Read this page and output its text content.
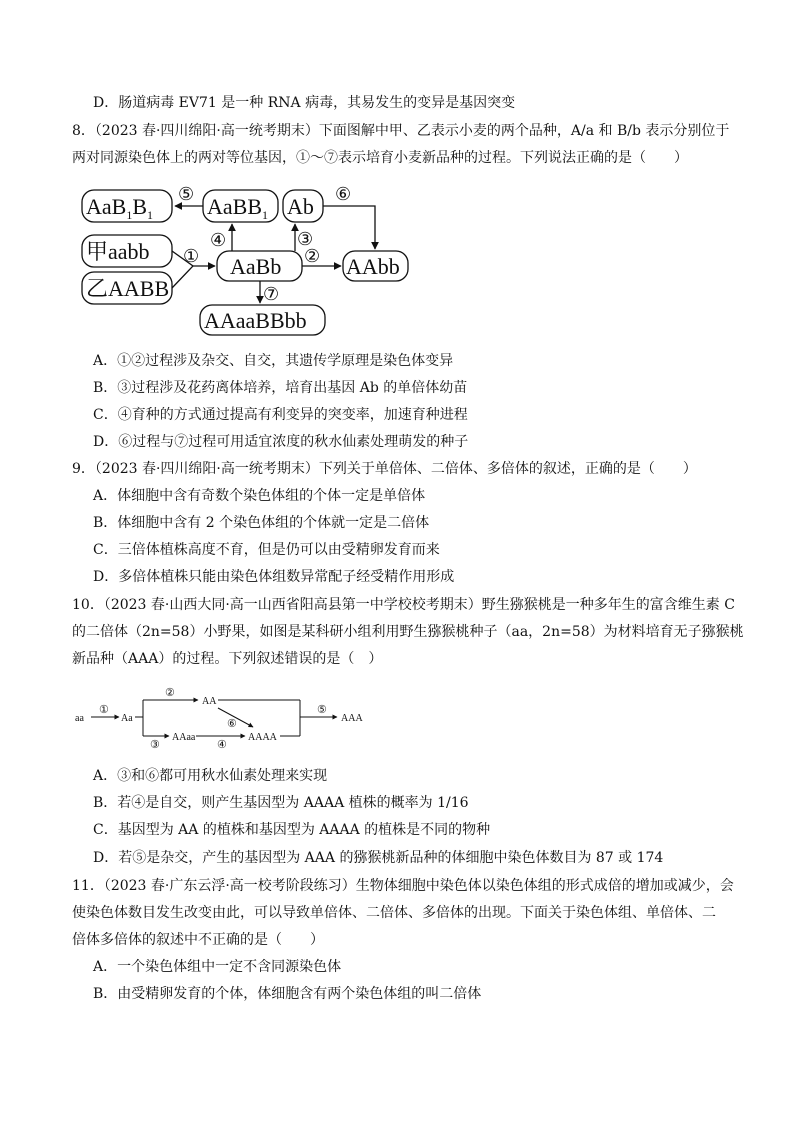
D．肠道病毒 EV71 是一种 RNA 病毒，其易发生的变异是基因突变
8．（2023 春·四川绵阳·高一统考期末）下面图解中甲、乙表示小麦的两个品种，A/a 和 B/b 表示分别位于
两对同源染色体上的两对等位基因，①～⑦表示培育小麦新品种的过程。下列说法正确的是（　　）
$AaB_1B_1$ AaBB$_1$ Ab
甲aabb
乙AABB
AaBb	AAbb
AAaaBBbb
①	②
③
④
⑤	⑥
⑦
A．①②过程涉及杂交、自交，其遗传学原理是染色体变异
B．③过程涉及花药离体培养，培育出基因 Ab 的单倍体幼苗
C．④育种的方式通过提高有利变异的突变率，加速育种进程
D．⑥过程与⑦过程可用适宜浓度的秋水仙素处理萌发的种子
9．（2023 春·四川绵阳·高一统考期末）下列关于单倍体、二倍体、多倍体的叙述，正确的是（　　）
A．体细胞中含有奇数个染色体组的个体一定是单倍体
B．体细胞中含有 2 个染色体组的个体就一定是二倍体
C．三倍体植株高度不育，但是仍可以由受精卵发育而来
D．多倍体植株只能由染色体组数异常配子经受精作用形成
10．（2023 春·山西大同·高一山西省阳高县第一中学校校考期末）野生猕猴桃是一种多年生的富含维生素 C
的二倍体（2n=58）小野果，如图是某科研小组利用野生猕猴桃种子（aa，2n=58）为材料培育无子猕猴桃
新品种（AAA）的过程。下列叙述错误的是（　）
aa	Aa
AA
AAaa	AAAA
AAA
①
②
③	④
⑤
⑥
A．③和⑥都可用秋水仙素处理来实现
B．若④是自交，则产生基因型为 AAAA 植株的概率为 1/16
C．基因型为 AA 的植株和基因型为 AAAA 的植株是不同的物种
D．若⑤是杂交，产生的基因型为 AAA 的猕猴桃新品种的体细胞中染色体数目为 87 或 174
11．（2023 春·广东云浮·高一校考阶段练习）生物体细胞中染色体以染色体组的形式成倍的增加或减少，会
使染色体数目发生改变由此，可以导致单倍体、二倍体、多倍体的出现。下面关于染色体组、单倍体、二
倍体多倍体的叙述中不正确的是（　　）
A．一个染色体组中一定不含同源染色体
B．由受精卵发育的个体，体细胞含有两个染色体组的叫二倍体
